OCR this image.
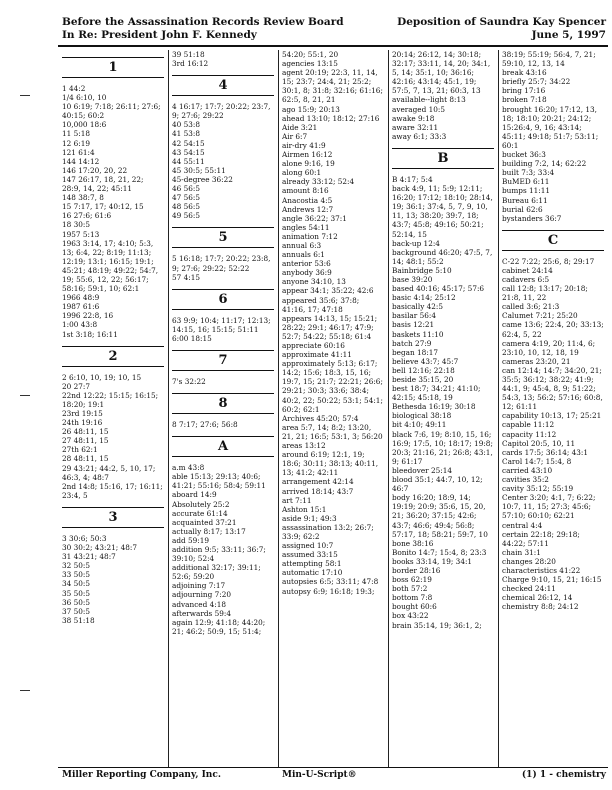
Before the Assassination Records Review Board
In Re: President John F. Kennedy
Deposition of Saundra Kay Spencer
June 5, 1997
1
1 44:2
1/4 6:10, 10
10 6:19; 7:18; 26:11; 27:6; 40:15; 60:2
10,000 18:6
11 5:18
12 6:19
121 61:4
144 14:12
146 17:20, 20, 22
147 26:17, 18, 21, 22; 28:9, 14, 22; 45:11
148 38:7, 8
15 7:17, 17; 40:12, 15
16 27:6; 61:6
18 30:5
1957 5:13
1963 3:14, 17; 4:10; 5:3, 13; 6:4, 22; 8:19; 11:13; 12:19; 13:1; 16:15; 19:1; 45:21; 48:19; 49:22; 54:7, 19; 55:6, 12, 22; 56:17; 58:16; 59:1, 10; 62:1
1966 48:9
1987 61:6
1996 22:8, 16
1:00 43:8
1st 3:18; 16:11
2
2 6:10, 10, 19; 10, 15
20 27:7
22nd 12:22; 15:15; 16:15; 18:20; 19:1
23rd 19:15
24th 19:16
26 48:11, 15
27 48:11, 15
27th 62:1
28 48:11, 15
29 43:21; 44:2, 5, 10, 17; 46:3, 4; 48:7
2nd 14:8; 15:16, 17; 16:11; 23:4, 5
3
3 30:6; 50:3
30 30:2; 43:21; 48:7
31 43:21; 48:7
32 50:5
33 50:5
34 50:5
35 50:5
36 50:5
37 50:5
38 51:18
39 51:18
3rd 16:12
4
4 16:17; 17:7; 20:22; 23:7, 9; 27:6; 29:22
40 53:8
41 53:8
42 54:15
43 54:15
44 55:11
45 30:5; 55:11
45-degree 36:22
46 56:5
47 56:5
48 56:5
49 56:5
5
5 16:18; 17:7; 20:22; 23:8, 9; 27:6; 29:22; 52:22
57 4:15
6
63 9:9; 10:4; 11:17; 12:13; 14:15, 16; 15:15; 51:11
6:00 18:15
7
7's 32:22
8
8 7:17; 27:6; 56:8
A
a.m 43:8
able 15:13; 29:13; 40:6; 41:21; 55:16; 58:4; 59:11
aboard 14:9
Absolutely 25:2
accurate 61:14
acquainted 37:21
actually 8:17; 13:17
add 59:19
addition 9:5; 33:11; 36:7; 39:10; 52:4
additional 32:17; 39:11; 52:6; 59:20
adjoining 7:17
adjourning 7:20
advanced 4:18
afterwards 59:4
again 12:9; 41:18; 44:20; 21; 46:2; 50:9, 15; 51:4;
54:20; 55:1, 20
agencies 13:15
agent 20:19; 22:3, 11, 14, 15; 23:7; 24:4, 21; 25:2; 30:1, 8; 31:8; 32:16; 61:16; 62:5, 8, 21, 21
ago 15:9; 20:13
ahead 13:10; 18:12; 27:16
Aide 3:21
Air 6:7
air-dry 41:9
Airmen 16:12
alone 9:16, 19
along 60:1
already 33:12; 52:4
amount 8:16
Anacostia 4:5
Andrews 12:7
angle 36:22; 37:1
angles 54:11
animation 7:12
annual 6:3
annuals 6:1
anterior 53:6
anybody 36:9
anyone 34:10, 13
appear 34:1; 35:22; 42:6
appeared 35:6; 37:8; 41:16, 17; 47:18
appears 14:13, 15; 15:21; 28:22; 29:1; 46:17; 47:9; 52:7; 54:22; 55:18; 61:4
appreciate 60:16
approximate 41:11
approximately 5:13; 6:17; 14:2; 15:6; 18:3, 15, 16; 19:7, 15; 21:7; 22:21; 26:6; 29:21; 30:3; 33:6; 38:4; 40:2, 22; 50:22; 53:1; 54:1; 60:2; 62:1
Archives 45:20; 57:4
area 5:7, 14; 8:2; 13:20, 21, 21; 16:5; 53:1, 3; 56:20
areas 13:12
around 6:19; 12:1, 19; 18:6; 30:11; 38:13; 40:11, 13; 41:2; 42:11
arrangement 42:14
arrived 18:14; 43:7
art 7:11
Ashton 15:1
aside 9:1; 49:3
assassination 13:2; 26:7; 33:9; 62:2
assigned 10:7
assumed 33:15
attempting 58:1
automatic 17:10
autopsies 6:5; 33:11; 47:8
autopsy 6:9; 16:18; 19:3;
20:14; 26:12, 14; 30:18; 32:17; 33:11, 14, 20; 34:1, 5, 14; 35:1, 10; 36:16; 42:16; 43:14; 45:1, 19; 57:5, 7, 13, 21; 60:3, 13
available--light 8:13
averaged 10:5
awake 9:18
aware 32:11
away 6:1; 33:3
B
B 4:17; 5:4
back 4:9, 11; 5:9; 12:11; 16:20; 17:12; 18:10; 28:14, 19; 36:1; 37:4, 5, 7, 9, 10, 11, 13; 38:20; 39:7, 18; 43:7; 45:8; 49:16; 50:21; 52:14, 15
back-up 12:4
background 46:20; 47:5, 7, 14; 48:1; 55:2
Bainbridge 5:10
base 39:20
based 40:16; 45:17; 57:6
basic 4:14; 25:12
basically 42:5
basilar 56:4
basis 12:21
baskets 11:10
batch 27:9
began 18:17
believe 43:7; 45:7
bell 12:16; 22:18
beside 35:15, 20
best 18:7; 34:21; 41:10; 42:15; 45:18, 19
Bethesda 16:19; 30:18
biological 38:18
bit 4:10; 49:11
black 7:6, 19; 8:10, 15, 16; 16:9; 17:5, 10; 18:17; 19:8; 20:3; 21:16, 21; 26:8; 43:1, 9; 61:17
bleedover 25:14
blood 35:1; 44:7, 10, 12; 46:7
body 16:20; 18:9, 14; 19:19; 20:9; 35:6, 15, 20, 21; 36:20; 37:15; 42:6; 43:7; 46:6; 49:4; 56:8; 57:17, 18; 58:21; 59:7, 10
bone 38:16
Bonito 14:7; 15:4, 8; 23:3
books 33:14, 19; 34:1
border 28:16
boss 62:19
both 57:2
bottom 7:8
bought 60:6
box 43:22
brain 35:14, 19; 36:1, 2;
38:19; 55:19; 56:4, 7, 21; 59:10, 12, 13, 14
break 43:16
briefly 25:7; 34:22
bring 17:16
broken 7:18
brought 16:20; 17:12, 13, 18; 18:10; 20:21; 24:12; 15:26:4, 9, 16; 43:14; 45:11; 49:18; 51:7; 53:11; 60:1
bucket 36:3
building 7:2, 14; 62:22
built 7:3; 33:4
BuMED 6:11
bumps 11:11
Bureau 6:11
burial 62:6
bystanders 36:7
C
C-22 7:22; 25:6, 8; 29:17
cabinet 24:14
cadavers 6:5
call 12:8; 13:17; 20:18; 21:8, 11, 22
called 3:6; 21:3
Calumet 7:21; 25:20
came 13:6; 22:4, 20; 33:13; 62:4, 5, 22
camera 4:19, 20; 11:4, 6; 23:10, 10, 12, 18, 19
cameras 23:20, 21
can 12:14; 14:7; 34:20, 21; 35:5; 36:12; 38:22; 41:9; 44:1, 9; 45:4, 8, 9; 51:22; 54:3, 13; 56:2; 57:16; 60:8, 12; 61:11
capability 10:13, 17; 25:21
capable 11:12
capacity 11:12
Capitol 20:5, 10, 11
cards 17:5; 36:14; 43:1
Carol 14:7; 15:4, 8
carried 43:10
cavities 35:2
cavity 35:12; 55:19
Center 3:20; 4:1, 7; 6:22; 10:7, 11, 15; 27:3; 45:6; 57:10; 60:10; 62:21
central 4:4
certain 22:18; 29:18; 44:22; 57:11
chain 31:1
changes 28:20
characteristics 41:22
Charge 9:10, 15, 21; 16:15
checked 24:11
chemical 26:12, 14
chemistry 8:8; 24:12
Miller Reporting Company, Inc.	Min-U-Script®	(1) 1 - chemistry
